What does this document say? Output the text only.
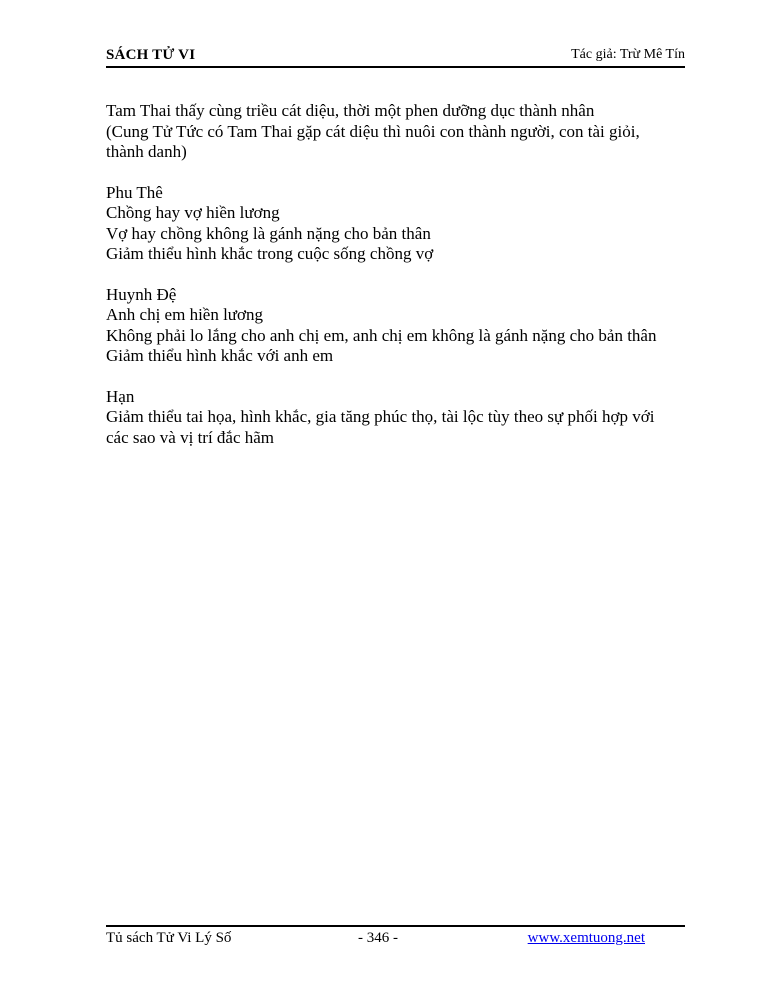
SÁCH TỬ VI	Tác giả: Trừ Mê Tín
Tam Thai thấy cùng triều cát diệu, thời một phen dưỡng dục thành nhân
(Cung Tử Tức có Tam Thai gặp cát diệu thì nuôi con thành người, con tài giỏi,
thành danh)
Phu Thê
Chồng hay vợ hiền lương
Vợ hay chồng không là gánh nặng cho bản thân
Giảm thiểu hình khắc trong cuộc sống chồng vợ
Huynh Đệ
Anh chị em hiền lương
Không phải lo lắng cho anh chị em, anh chị em không là gánh nặng cho bản thân
Giảm thiểu hình khắc với anh em
Hạn
Giảm thiểu tai họa, hình khắc, gia tăng phúc thọ, tài lộc tùy theo sự phối hợp với
các sao và vị trí đắc hãm
Tủ sách Tử Vi Lý Số	- 346 -	www.xemtuong.net
